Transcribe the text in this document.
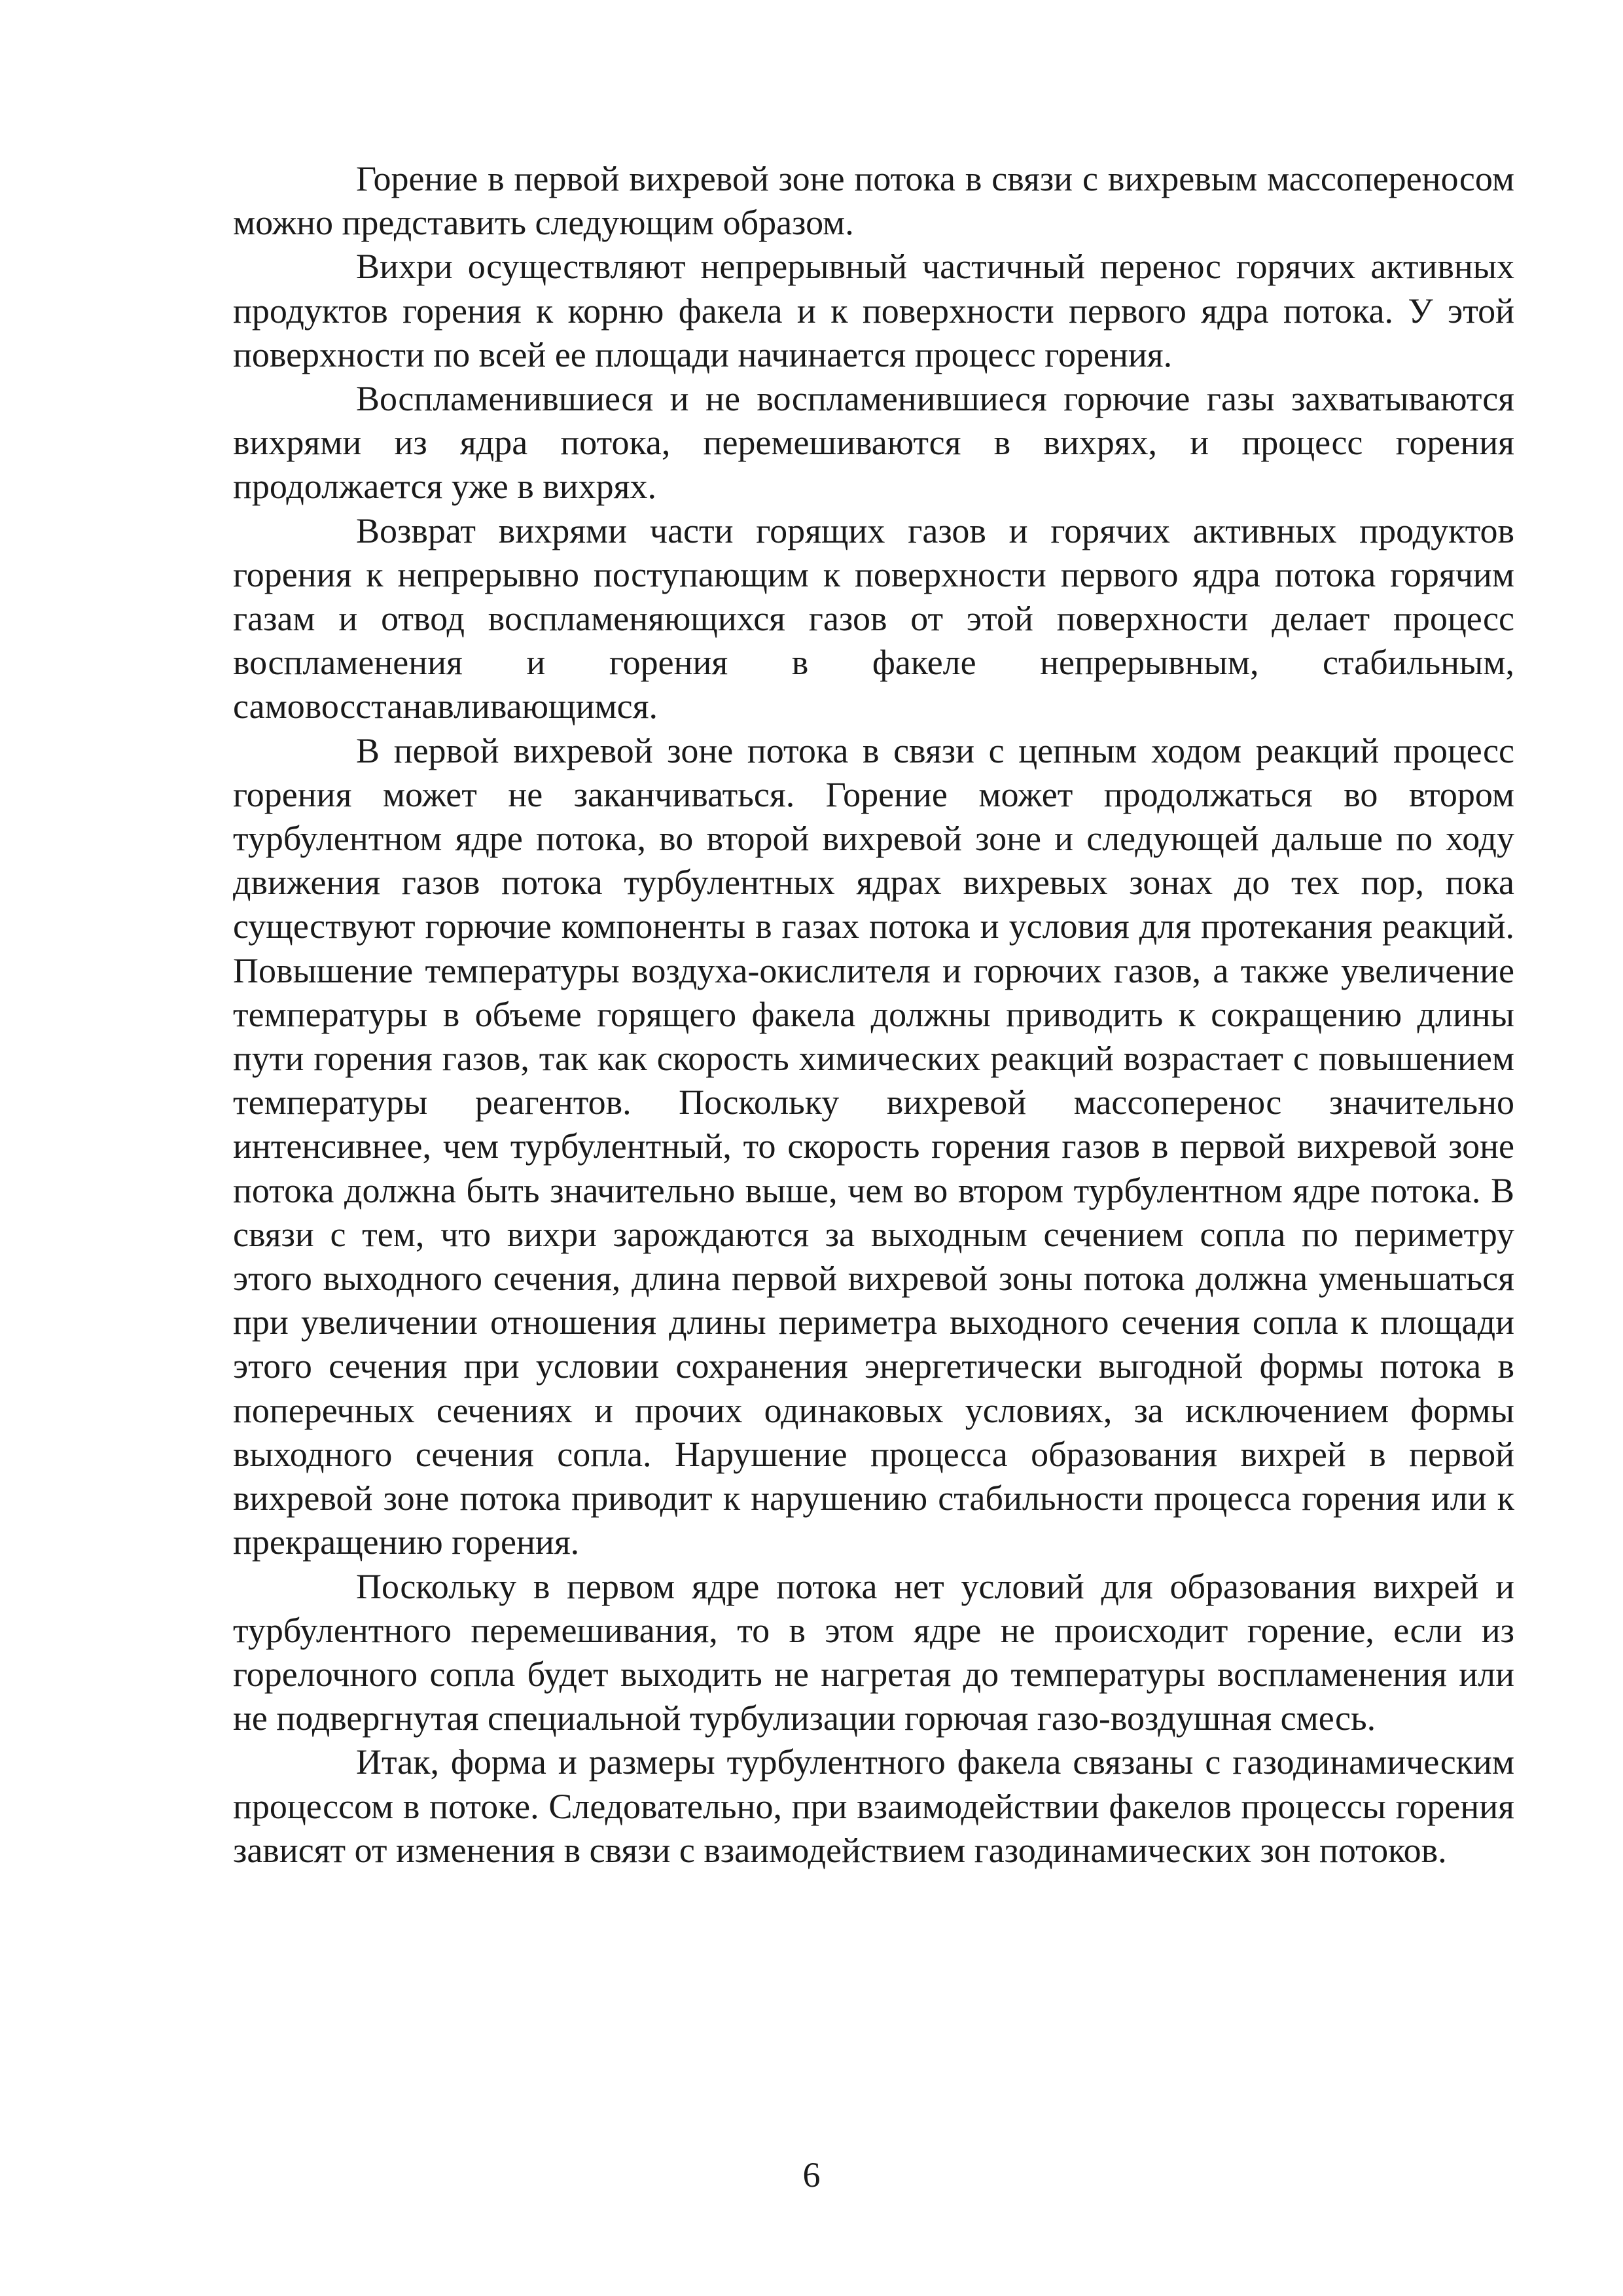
Горение в первой вихревой зоне потока в связи с вихревым массопереносом можно представить следующим образом.

Вихри осуществляют непрерывный частичный перенос горячих активных продуктов горения к корню факела и к поверхности первого ядра потока. У этой поверхности по всей ее площади начинается процесс горения.

Воспламенившиеся и не воспламенившиеся горючие газы захватываются вихрями из ядра потока, перемешиваются в вихрях, и процесс горения продолжается уже в вихрях.

Возврат вихрями части горящих газов и горячих активных продуктов горения к непрерывно поступающим к поверхности первого ядра потока горячим газам и отвод воспламеняющихся газов от этой поверхности делает процесс воспламенения и горения в факеле непрерывным, стабильным, самовосстанавливающимся.

В первой вихревой зоне потока в связи с цепным ходом реакций процесс горения может не заканчиваться. Горение может продолжаться во втором турбулентном ядре потока, во второй вихревой зоне и следующей дальше по ходу движения газов потока турбулентных ядрах вихревых зонах до тех пор, пока существуют горючие компоненты в газах потока и условия для протекания реакций. Повышение температуры воздуха-окислителя и горючих газов, а также увеличение температуры в объеме горящего факела должны приводить к сокращению длины пути горения газов, так как скорость химических реакций возрастает с повышением температуры реагентов. Поскольку вихревой массоперенос значительно интенсивнее, чем турбулентный, то скорость горения газов в первой вихревой зоне потока должна быть значительно выше, чем во втором турбулентном ядре потока. В связи с тем, что вихри зарождаются за выходным сечением сопла по периметру этого выходного сечения, длина первой вихревой зоны потока должна уменьшаться при увеличении отношения длины периметра выходного сечения сопла к площади этого сечения при условии сохранения энергетически выгодной формы потока в поперечных сечениях и прочих одинаковых условиях, за исключением формы выходного сечения сопла. Нарушение процесса образования вихрей в первой вихревой зоне потока приводит к нарушению стабильности процесса горения или к прекращению горения.

Поскольку в первом ядре потока нет условий для образования вихрей и турбулентного перемешивания, то в этом ядре не происходит горение, если из горелочного сопла будет выходить не нагретая до температуры воспламенения или не подвергнутая специальной турбулизации горючая газо-воздушная смесь.

Итак, форма и размеры турбулентного факела связаны с газодинамическим процессом в потоке. Следовательно, при взаимодействии факелов процессы горения зависят от изменения в связи с взаимодействием газодинамических зон потоков.

6
